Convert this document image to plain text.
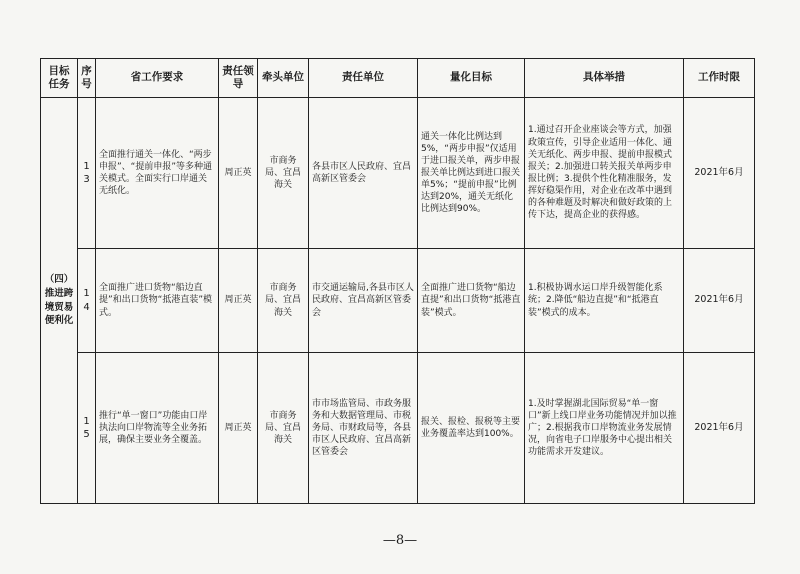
目标任务	序号	省工作要求	责任领导	牵头单位	责任单位	量化目标	具体举措	工作时限
（四）推进跨境贸易便利化	13	全面推行通关一体化、“两步申报”、“提前申报”等多种通关模式。全面实行口岸通关无纸化。	周正英	市商务局、宜昌海关	各县市区人民政府、宜昌高新区管委会	通关一体化比例达到5%，“两步申报”仅适用于进口报关单，两步申报报关单比例达到进口报关单5%；“提前申报”比例达到20%，通关无纸化比例达到90%。	1.通过召开企业座谈会等方式，加强政策宣传，引导企业适用一体化、通关无纸化、两步申报、提前申报模式报关；2.加强进口转关报关单两步申报比例；3.提供个性化精准服务，发挥好稳渠作用，对企业在改革中遇到的各种难题及时解决和做好政策的上传下达，提高企业的获得感。	2021年6月
	14	全面推广进口货物“船边直提”和出口货物“抵港直装”模式。	周正英	市商务局、宜昌海关	市交通运输局,各县市区人民政府、宜昌高新区管委会	全面推广进口货物“船边直提”和出口货物“抵港直装”模式。	1.积极协调水运口岸升级智能化系统；2.降低“船边直提”和“抵港直装”模式的成本。	2021年6月
	15	推行“单一窗口”功能由口岸执法向口岸物流等全业务拓展，确保主要业务全覆盖。	周正英	市商务局、宜昌海关	市市场监管局、市政务服务和大数据管理局、市税务局、市财政局等，各县市区人民政府、宜昌高新区管委会	报关、报检、报税等主要业务覆盖率达到100%。	1.及时掌握湖北国际贸易“单一窗口”新上线口岸业务功能情况并加以推广；2.根据我市口岸物流业务发展情况，向省电子口岸服务中心提出相关功能需求开发建议。	2021年6月
—8—
